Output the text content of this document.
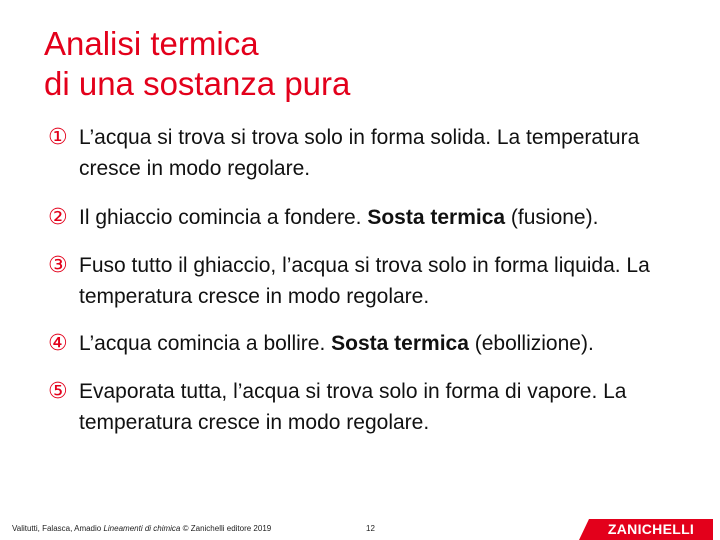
Analisi termica
di una sostanza pura
① L’acqua si trova si trova solo in forma solida. La temperatura cresce in modo regolare.
② Il ghiaccio comincia a fondere. Sosta termica (fusione).
③ Fuso tutto il ghiaccio, l’acqua si trova solo in forma liquida. La temperatura cresce in modo regolare.
④ L’acqua comincia a bollire. Sosta termica (ebollizione).
⑤ Evaporata tutta, l’acqua si trova solo in forma di vapore. La temperatura cresce in modo regolare.
Valitutti, Falasca, Amadio Lineamenti di chimica © Zanichelli editore 2019	12	ZANICHELLI
